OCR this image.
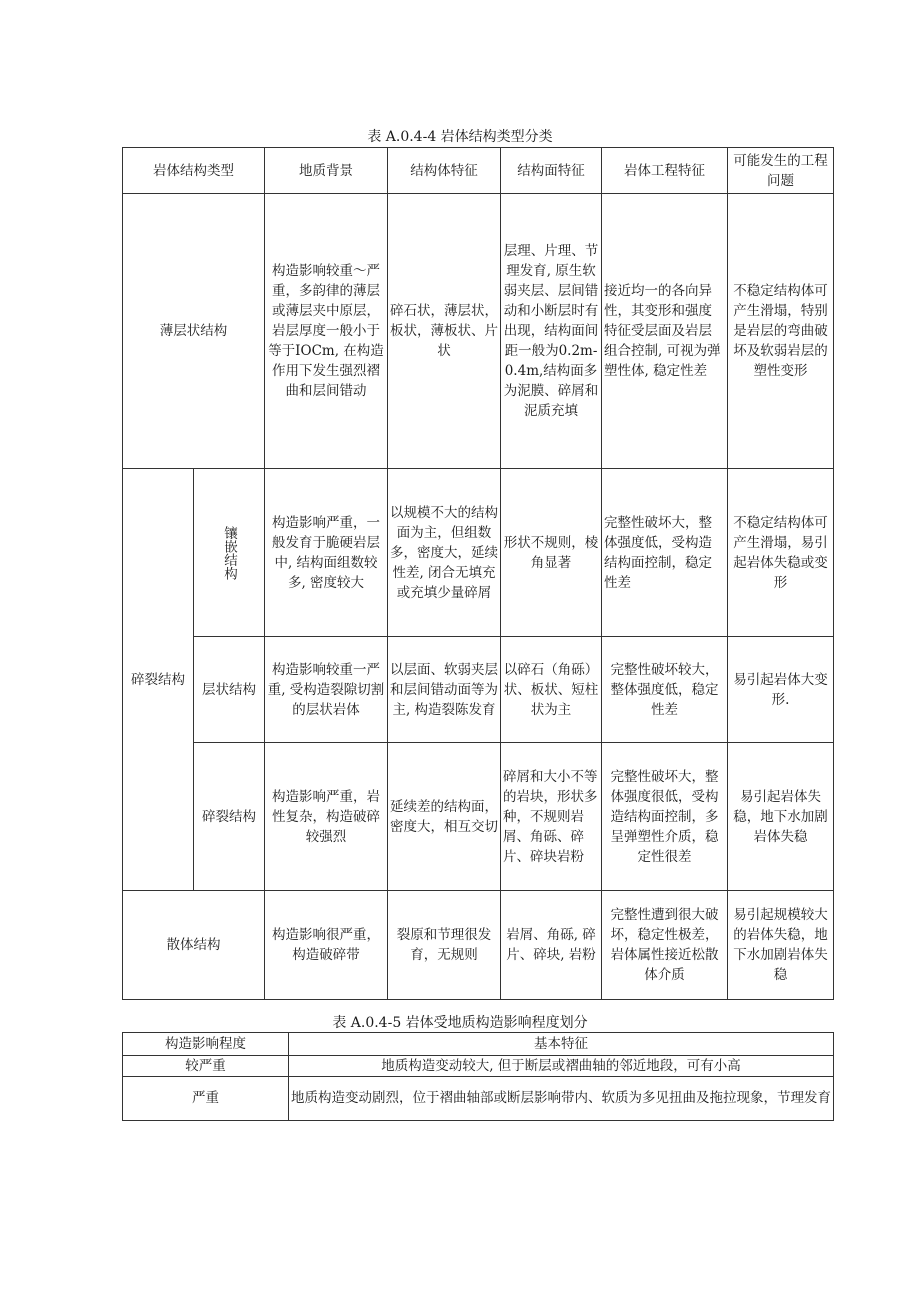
表 A.0.4-4 岩体结构类型分类
岩体结构类型		地质背景	结构体特征	结构面特征	岩体工程特征	可能发生的工程问题
薄层状结构		构造影响较重～严重，多韵律的薄层或薄层夹中原层，岩层厚度一般小于等于IOCm, 在构造作用下发生强烈褶曲和层间错动	碎石状，薄层状，板状，薄板状、片状	层理、片理、节理发育, 原生软弱夹层、层间错动和小断层时有出现，结构面间距一般为0.2m-0.4m,结构面多为泥膜、碎屑和泥质充填	接近均一的各向异性，其变形和强度特征受层面及岩层组合控制, 可视为弹塑性体, 稳定性差	不稳定结构体可产生滑塌，特别是岩层的弯曲破坏及软弱岩层的塑性变形
碎裂结构	镶嵌结构	构造影响严重，一般发育于脆硬岩层中, 结构面组数较多, 密度较大	以规模不大的结构面为主，但组数多，密度大，延续性差, 闭合无填充或充填少量碎屑	形状不规则，棱角显著	完整性破坏大，整体强度低，受构造结构面控制，稳定性差	不稳定结构体可产生滑塌，易引起岩体失稳或变形
	层状结构	构造影响较重一严重, 受构造裂隙切割的层状岩体	以层面、软弱夹层和层间错动面等为主, 构造裂陈发育	以碎石（角砾）状、板状、短柱状为主	完整性破坏较大，整体强度低，稳定性差	易引起岩体大变形.
	碎裂结构	构造影响严重，岩性复杂，构造破碎较强烈	延续差的结构面，密度大，相互交切	碎屑和大小不等的岩块，形状多种，不规则岩屑、角砾、碎片、碎块岩粉	完整性破坏大，整体强度很低，受构造结构面控制，多呈弹塑性介质，稳定性很差	易引起岩体失稳，地下水加剧岩体失稳
散体结构		构造影响很严重，构造破碎带	裂原和节理很发育，无规则	岩屑、角砾, 碎片、碎块, 岩粉	完整性遭到很大破坏，稳定性极差，岩体属性接近松散体介质	易引起规模较大的岩体失稳，地下水加剧岩体失稳
表 A.0.4-5 岩体受地质构造影响程度划分
构造影响程度	基本特征
较严重	地质构造变动较大, 但于断层或褶曲轴的邻近地段，可有小高
严重	地质构造变动剧烈，位于褶曲轴部或断层影响带内、软质为多见扭曲及拖拉现象，节理发育
